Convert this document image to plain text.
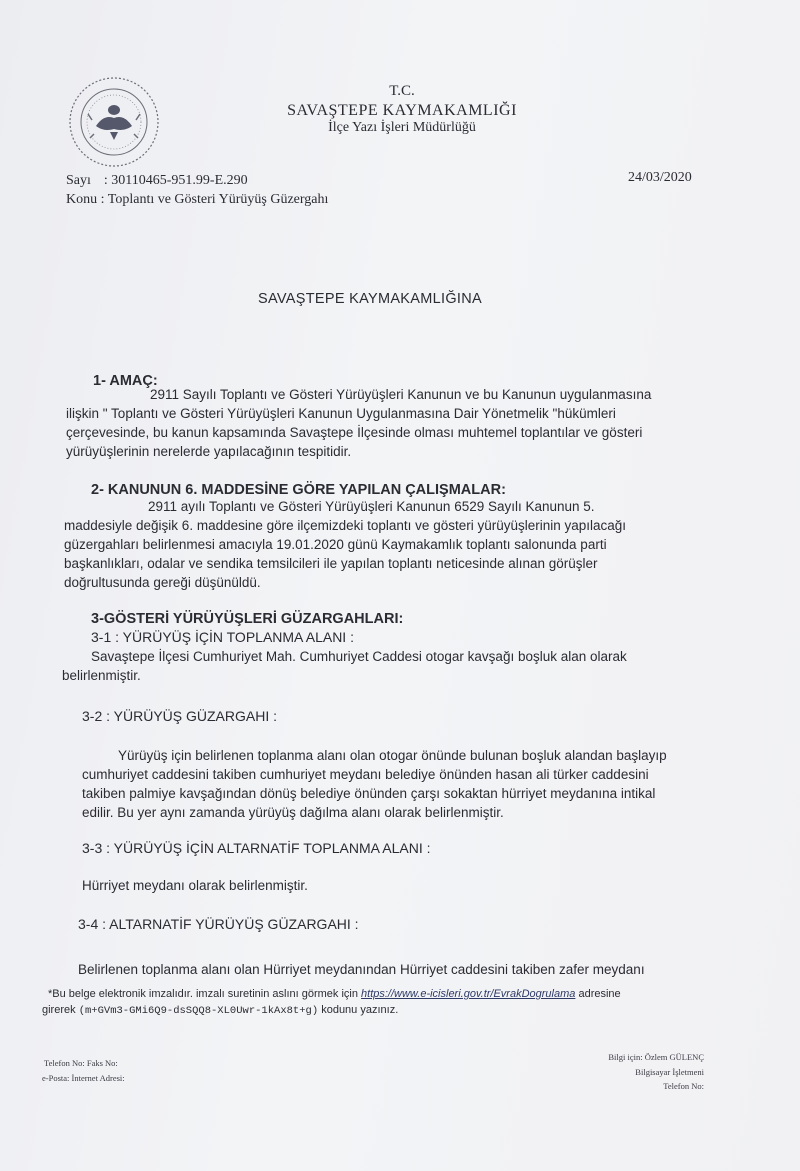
T.C.
SAVAŞTEPE KAYMAKAMLIĞI
İlçe Yazı İşleri Müdürlüğü
Sayı : 30110465-951.99-E.290	24/03/2020
Konu : Toplantı ve Gösteri Yürüyüş Güzergahı
SAVAŞTEPE KAYMAKAMLIĞINA
1- AMAÇ:
2911 Sayılı Toplantı ve Gösteri Yürüyüşleri Kanunun ve bu Kanunun uygulanmasına
ilişkin " Toplantı ve Gösteri Yürüyüşleri Kanunun Uygulanmasına Dair Yönetmelik "hükümleri
çerçevesinde, bu kanun kapsamında Savaştepe İlçesinde olması muhtemel toplantılar ve gösteri
yürüyüşlerinin nerelerde yapılacağının tespitidir.
2- KANUNUN 6. MADDESİNE GÖRE YAPILAN ÇALIŞMALAR:
2911 ayılı Toplantı ve Gösteri Yürüyüşleri Kanunun 6529 Sayılı Kanunun 5.
maddesiyle değişik 6. maddesine göre ilçemizdeki toplantı ve gösteri yürüyüşlerinin yapılacağı
güzergahları belirlenmesi amacıyla 19.01.2020 günü Kaymakamlık toplantı salonunda parti
başkanlıkları, odalar ve sendika temsilcileri ile yapılan toplantı neticesinde alınan görüşler
doğrultusunda gereği düşünüldü.
3-GÖSTERİ YÜRÜYÜŞLERİ GÜZARGAHLARI:
3-1 : YÜRÜYÜŞ İÇİN TOPLANMA ALANI :
Savaştepe İlçesi Cumhuriyet Mah. Cumhuriyet Caddesi otogar kavşağı boşluk alan olarak
belirlenmiştir.
3-2 : YÜRÜYÜŞ GÜZARGAHI :
Yürüyüş için belirlenen toplanma alanı olan otogar önünde bulunan boşluk alandan başlayıp
cumhuriyet caddesini takiben cumhuriyet meydanı belediye önünden hasan ali türker caddesini
takiben palmiye kavşağından dönüş belediye önünden çarşı sokaktan hürriyet meydanına intikal
edilir. Bu yer aynı zamanda yürüyüş dağılma alanı olarak belirlenmiştir.
3-3 : YÜRÜYÜŞ İÇİN ALTARNATİF TOPLANMA ALANI :
Hürriyet meydanı olarak belirlenmiştir.
3-4 : ALTARNATİF YÜRÜYÜŞ GÜZARGAHI :
Belirlenen toplanma alanı olan Hürriyet meydanından Hürriyet caddesini takiben zafer meydanı
*Bu belge elektronik imzalıdır. imzalı suretinin aslını görmek için https://www.e-icisleri.gov.tr/EvrakDogrulama adresine
girerek (m+GVm3-GMi6Q9-dsSQQ8-XL0Uwr-1kAx8t+g) kodunu yazınız.
Telefon No: Faks No:
e-Posta: İnternet Adresi:
Bilgi için: Özlem GÜLENÇ
Bilgisayar İşletmeni
Telefon No:
